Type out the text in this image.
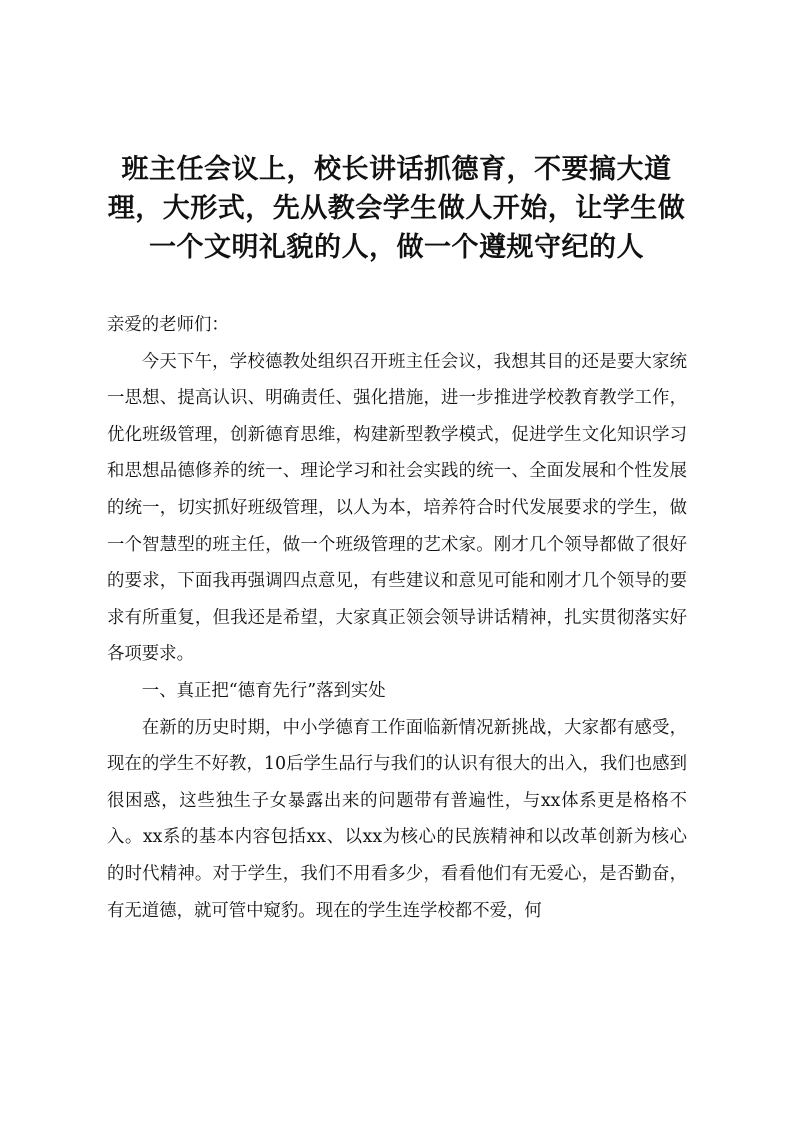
班主任会议上，校长讲话抓德育，不要搞大道理，大形式，先从教会学生做人开始，让学生做一个文明礼貌的人，做一个遵规守纪的人

亲爱的老师们：

今天下午，学校德教处组织召开班主任会议，我想其目的还是要大家统一思想、提高认识、明确责任、强化措施，进一步推进学校教育教学工作，优化班级管理，创新德育思维，构建新型教学模式，促进学生文化知识学习和思想品德修养的统一、理论学习和社会实践的统一、全面发展和个性发展的统一，切实抓好班级管理，以人为本，培养符合时代发展要求的学生，做一个智慧型的班主任，做一个班级管理的艺术家。刚才几个领导都做了很好的要求，下面我再强调四点意见，有些建议和意见可能和刚才几个领导的要求有所重复，但我还是希望，大家真正领会领导讲话精神，扎实贯彻落实好各项要求。

一、真正把“德育先行”落到实处

在新的历史时期，中小学德育工作面临新情况新挑战，大家都有感受，现在的学生不好教，10后学生品行与我们的认识有很大的出入，我们也感到很困惑，这些独生子女暴露出来的问题带有普遍性，与xx体系更是格格不入。xx系的基本内容包括xx、以xx为核心的民族精神和以改革创新为核心的时代精神。对于学生，我们不用看多少，看看他们有无爱心，是否勤奋，有无道德，就可管中窥豹。现在的学生连学校都不爱，何
